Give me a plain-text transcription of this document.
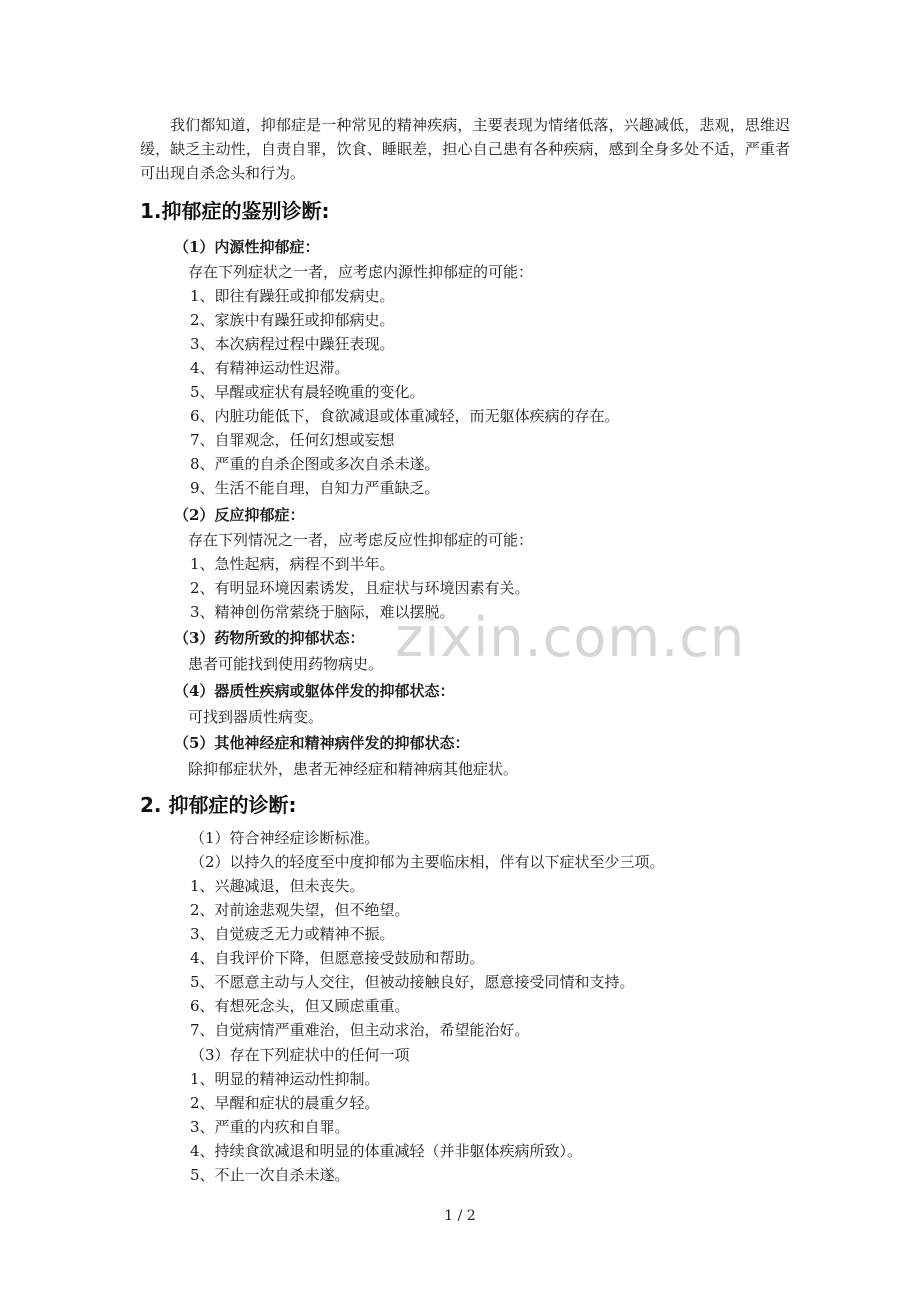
我们都知道，抑郁症是一种常见的精神疾病，主要表现为情绪低落，兴趣减低，悲观，思维迟缓，缺乏主动性，自责自罪，饮食、睡眠差，担心自己患有各种疾病，感到全身多处不适，严重者可出现自杀念头和行为。

1.抑郁症的鉴别诊断:

（1）内源性抑郁症：

存在下列症状之一者，应考虑内源性抑郁症的可能：

1、即往有躁狂或抑郁发病史。

2、家族中有躁狂或抑郁病史。

3、本次病程过程中躁狂表现。

4、有精神运动性迟滞。

5、早醒或症状有晨轻晚重的变化。

6、内脏功能低下，食欲减退或体重减轻，而无躯体疾病的存在。

7、自罪观念，任何幻想或妄想

8、严重的自杀企图或多次自杀未遂。

9、生活不能自理，自知力严重缺乏。

（2）反应抑郁症：

存在下列情况之一者，应考虑反应性抑郁症的可能：

1、急性起病，病程不到半年。

2、有明显环境因素诱发，且症状与环境因素有关。

3、精神创伤常萦绕于脑际，难以摆脱。

（3）药物所致的抑郁状态：

患者可能找到使用药物病史。

（4）器质性疾病或躯体伴发的抑郁状态：

可找到器质性病变。

（5）其他神经症和精神病伴发的抑郁状态：

除抑郁症状外，患者无神经症和精神病其他症状。

2. 抑郁症的诊断:

（1）符合神经症诊断标准。

（2）以持久的轻度至中度抑郁为主要临床相，伴有以下症状至少三项。

1、兴趣减退，但未丧失。

2、对前途悲观失望，但不绝望。

3、自觉疲乏无力或精神不振。

4、自我评价下降，但愿意接受鼓励和帮助。

5、不愿意主动与人交往，但被动接触良好，愿意接受同情和支持。

6、有想死念头，但又顾虑重重。

7、自觉病情严重难治，但主动求治，希望能治好。

（3）存在下列症状中的任何一项

1、明显的精神运动性抑制。

2、早醒和症状的晨重夕轻。

3、严重的内疚和自罪。

4、持续食欲减退和明显的体重减轻（并非躯体疾病所致）。

5、不止一次自杀未遂。

zixin.com.cn
1 / 2
